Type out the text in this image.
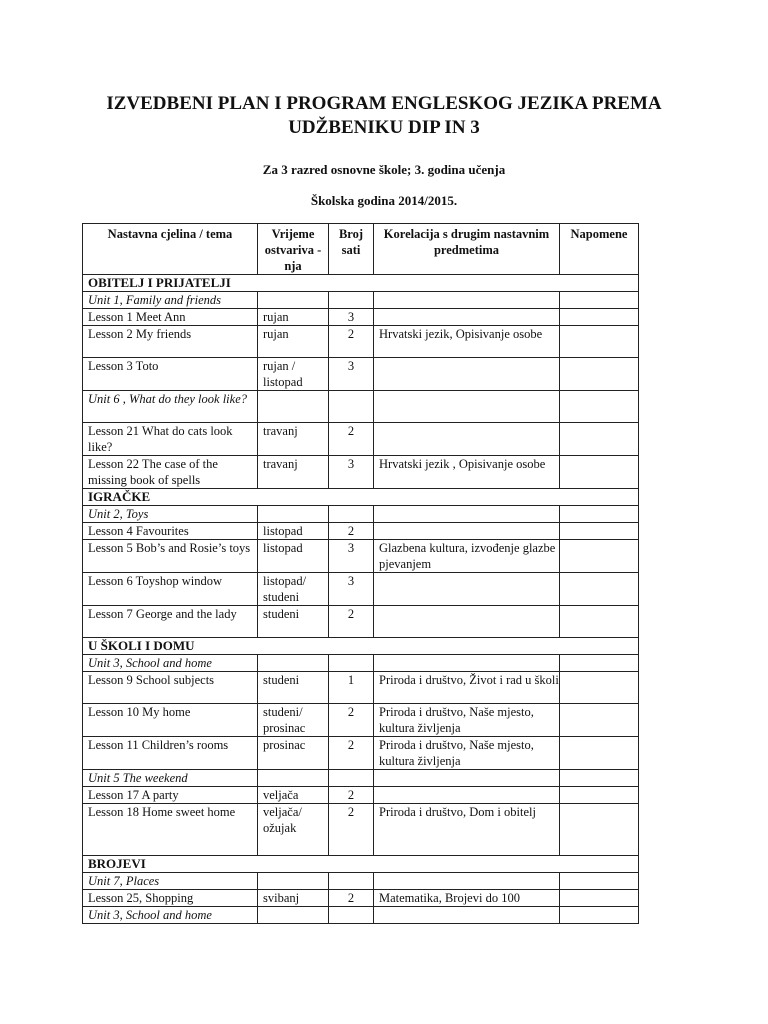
IZVEDBENI PLAN I PROGRAM ENGLESKOG JEZIKA PREMA UDŽBENIKU DIP IN 3

Za 3 razred osnovne škole; 3. godina učenja

Školska godina 2014/2015.

Nastavna cjelina / tema	Vrijeme ostvariva -nja	Broj sati	Korelacija s drugim nastavnim predmetima	Napomene
OBITELJ I PRIJATELJI				
Unit 1, Family and friends				
Lesson 1 Meet Ann	rujan	3		
Lesson 2 My friends	rujan	2	Hrvatski jezik, Opisivanje osobe	
Lesson 3 Toto	rujan / listopad	3		
Unit 6 , What do they look like?				
Lesson 21 What do cats look like?	travanj	2		
Lesson 22 The case of the missing book of spells	travanj	3	Hrvatski jezik , Opisivanje osobe	
IGRAČKE				
Unit 2, Toys				
Lesson 4 Favourites	listopad	2		
Lesson 5 Bob’s and Rosie’s toys	listopad	3	Glazbena kultura, izvođenje glazbe pjevanjem	
Lesson 6 Toyshop window	listopad/ studeni	3		
Lesson 7 George and the lady	studeni	2		
U ŠKOLI I DOMU				
Unit 3, School and home				
Lesson 9 School subjects	studeni	1	Priroda i društvo, Život i rad u školi	
Lesson 10 My home	studeni/ prosinac	2	Priroda i društvo, Naše mjesto, kultura življenja	
Lesson 11 Children’s rooms	prosinac	2	Priroda i društvo, Naše mjesto, kultura življenja	
Unit 5 The weekend				
Lesson 17 A party	veljača	2		
Lesson 18 Home sweet home	veljača/ ožujak	2	Priroda i društvo, Dom i obitelj	
BROJEVI				
Unit 7, Places				
Lesson 25, Shopping	svibanj	2	Matematika, Brojevi do 100	
Unit 3, School and home				
